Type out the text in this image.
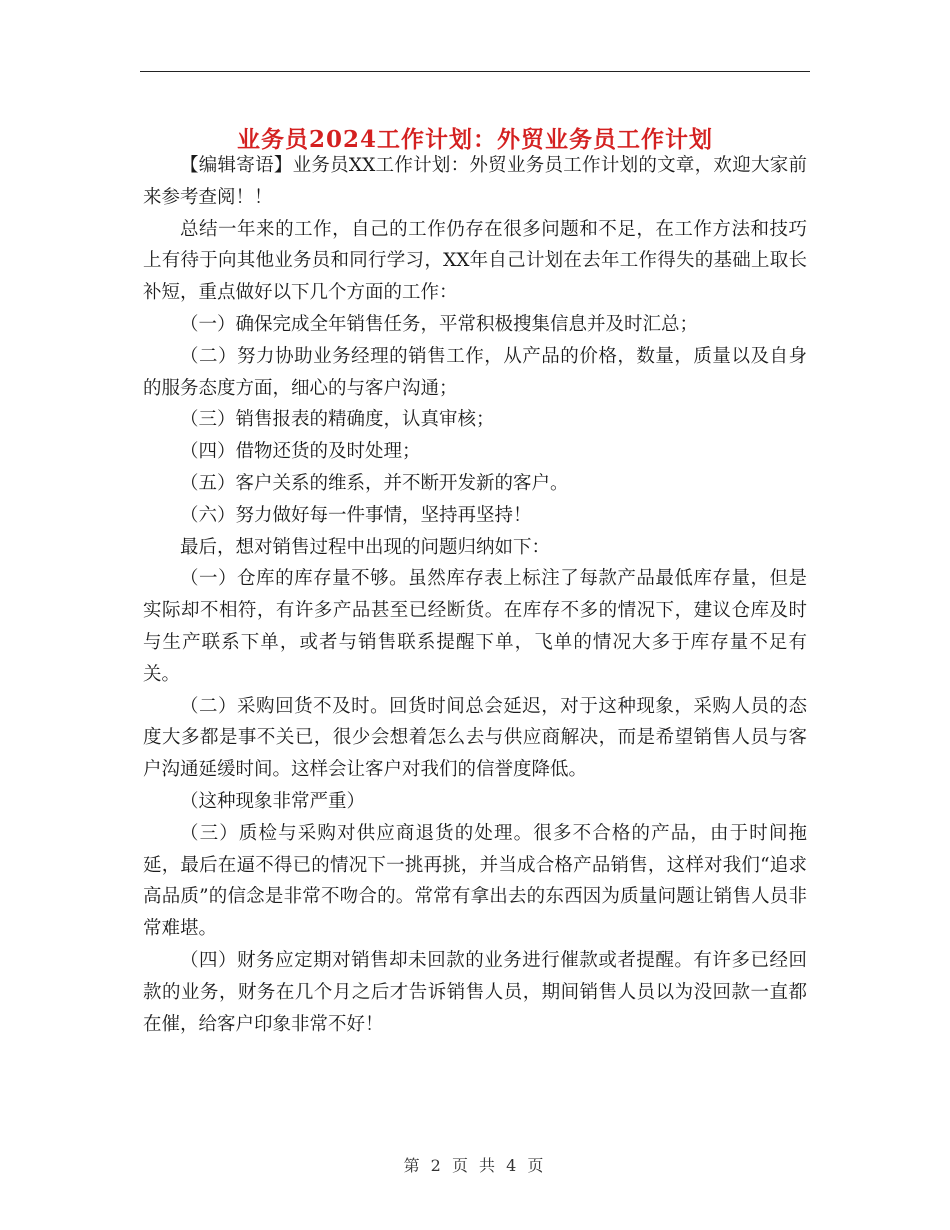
业务员2024工作计划：外贸业务员工作计划

【编辑寄语】业务员XX工作计划：外贸业务员工作计划的文章，欢迎大家前来参考查阅！！

总结一年来的工作，自己的工作仍存在很多问题和不足，在工作方法和技巧上有待于向其他业务员和同行学习，XX年自己计划在去年工作得失的基础上取长补短，重点做好以下几个方面的工作：

（一）确保完成全年销售任务，平常积极搜集信息并及时汇总；

（二）努力协助业务经理的销售工作，从产品的价格，数量，质量以及自身的服务态度方面，细心的与客户沟通；

（三）销售报表的精确度，认真审核；

（四）借物还货的及时处理；

（五）客户关系的维系，并不断开发新的客户。

（六）努力做好每一件事情，坚持再坚持！

最后，想对销售过程中出现的问题归纳如下：

（一）仓库的库存量不够。虽然库存表上标注了每款产品最低库存量，但是实际却不相符，有许多产品甚至已经断货。在库存不多的情况下，建议仓库及时与生产联系下单，或者与销售联系提醒下单，飞单的情况大多于库存量不足有关。

（二）采购回货不及时。回货时间总会延迟，对于这种现象，采购人员的态度大多都是事不关已，很少会想着怎么去与供应商解决，而是希望销售人员与客户沟通延缓时间。这样会让客户对我们的信誉度降低。

（这种现象非常严重）

（三）质检与采购对供应商退货的处理。很多不合格的产品，由于时间拖延，最后在逼不得已的情况下一挑再挑，并当成合格产品销售，这样对我们“追求高品质”的信念是非常不吻合的。常常有拿出去的东西因为质量问题让销售人员非常难堪。

（四）财务应定期对销售却未回款的业务进行催款或者提醒。有许多已经回款的业务，财务在几个月之后才告诉销售人员，期间销售人员以为没回款一直都在催，给客户印象非常不好！

第 2 页 共 4 页
